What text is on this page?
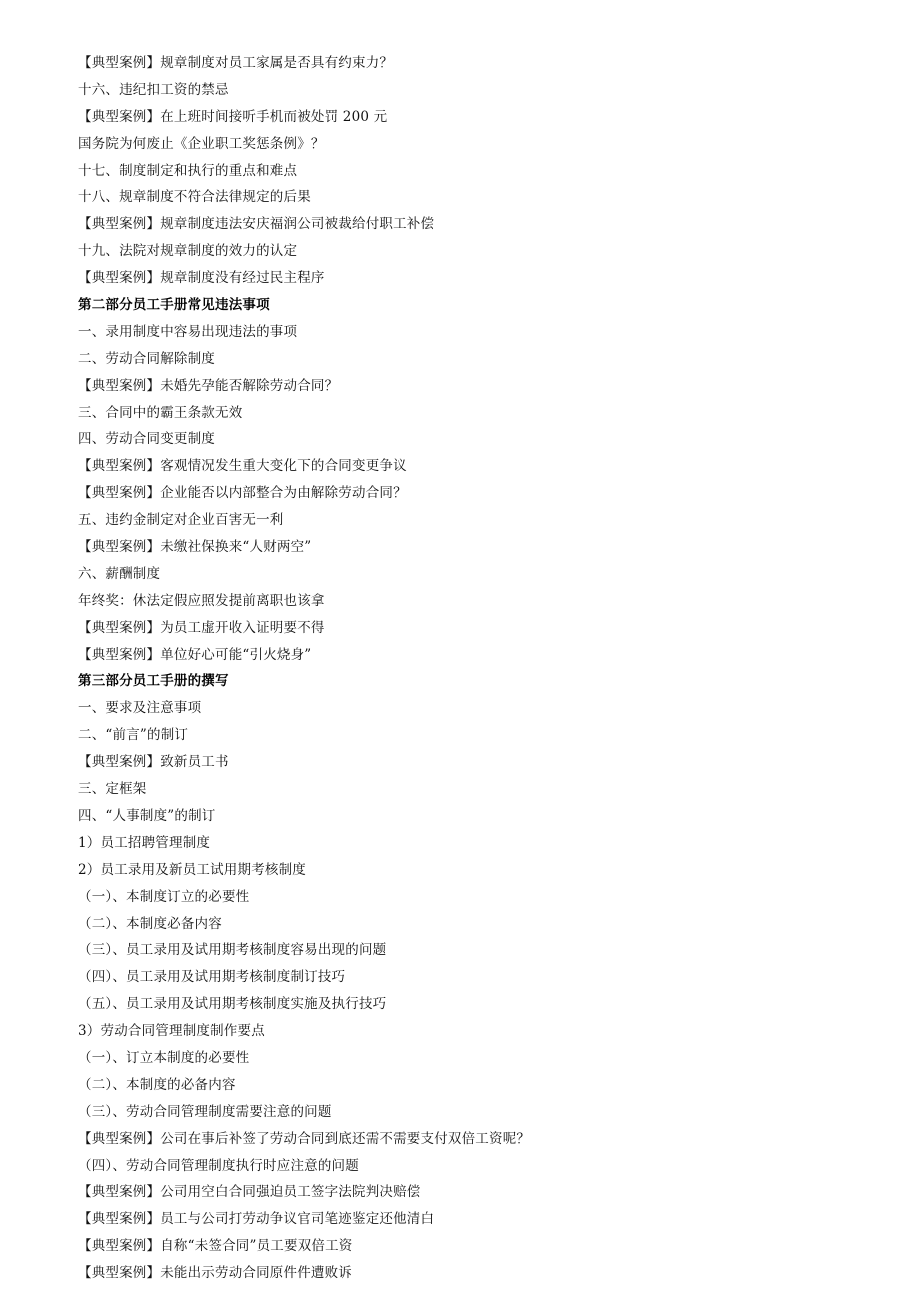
【典型案例】规章制度对员工家属是否具有约束力？
十六、违纪扣工资的禁忌
【典型案例】在上班时间接听手机而被处罚 200 元
国务院为何废止《企业职工奖惩条例》？
十七、制度制定和执行的重点和难点
十八、规章制度不符合法律规定的后果
【典型案例】规章制度违法安庆福润公司被裁给付职工补偿
十九、法院对规章制度的效力的认定
【典型案例】规章制度没有经过民主程序
第二部分员工手册常见违法事项
一、录用制度中容易出现违法的事项
二、劳动合同解除制度
【典型案例】未婚先孕能否解除劳动合同？
三、合同中的霸王条款无效
四、劳动合同变更制度
【典型案例】客观情况发生重大变化下的合同变更争议
【典型案例】企业能否以内部整合为由解除劳动合同？
五、违约金制定对企业百害无一利
【典型案例】未缴社保换来“人财两空”
六、薪酬制度
年终奖：休法定假应照发提前离职也该拿
【典型案例】为员工虚开收入证明要不得
【典型案例】单位好心可能“引火烧身”
第三部分员工手册的撰写
一、要求及注意事项
二、“前言”的制订
【典型案例】致新员工书
三、定框架
四、“人事制度”的制订
1）员工招聘管理制度
2）员工录用及新员工试用期考核制度
（一）、本制度订立的必要性
（二）、本制度必备内容
（三）、员工录用及试用期考核制度容易出现的问题
（四）、员工录用及试用期考核制度制订技巧
（五）、员工录用及试用期考核制度实施及执行技巧
3）劳动合同管理制度制作要点
（一）、订立本制度的必要性
（二）、本制度的必备内容
（三）、劳动合同管理制度需要注意的问题
【典型案例】公司在事后补签了劳动合同到底还需不需要支付双倍工资呢？
（四）、劳动合同管理制度执行时应注意的问题
【典型案例】公司用空白合同强迫员工签字法院判决赔偿
【典型案例】员工与公司打劳动争议官司笔迹鉴定还他清白
【典型案例】自称“未签合同”员工要双倍工资
【典型案例】未能出示劳动合同原件件遭败诉
